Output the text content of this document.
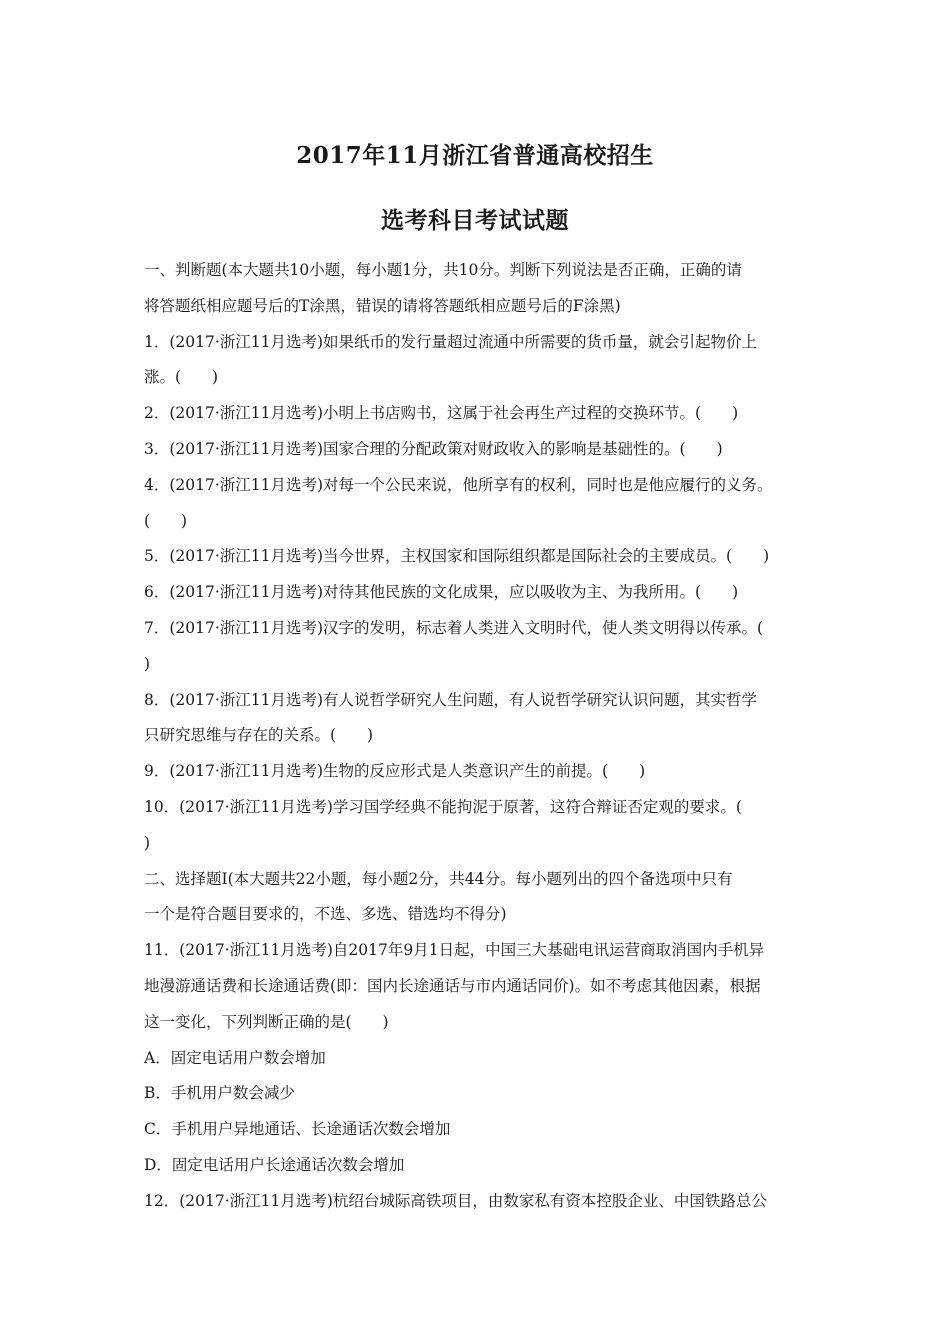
2017年11月浙江省普通高校招生
选考科目考试试题
一、判断题(本大题共10小题，每小题1分，共10分。判断下列说法是否正确，正确的请
将答题纸相应题号后的T涂黑，错误的请将答题纸相应题号后的F涂黑)
1．(2017·浙江11月选考)如果纸币的发行量超过流通中所需要的货币量，就会引起物价上
涨。(　　)
2．(2017·浙江11月选考)小明上书店购书，这属于社会再生产过程的交换环节。(　　)
3．(2017·浙江11月选考)国家合理的分配政策对财政收入的影响是基础性的。(　　)
4．(2017·浙江11月选考)对每一个公民来说，他所享有的权利，同时也是他应履行的义务。
(　　)
5．(2017·浙江11月选考)当今世界，主权国家和国际组织都是国际社会的主要成员。(　　)
6．(2017·浙江11月选考)对待其他民族的文化成果，应以吸收为主、为我所用。(　　)
7．(2017·浙江11月选考)汉字的发明，标志着人类进入文明时代，使人类文明得以传承。(
)
8．(2017·浙江11月选考)有人说哲学研究人生问题，有人说哲学研究认识问题，其实哲学
只研究思维与存在的关系。(　　)
9．(2017·浙江11月选考)生物的反应形式是人类意识产生的前提。(　　)
10．(2017·浙江11月选考)学习国学经典不能拘泥于原著，这符合辩证否定观的要求。(
)
二、选择题Ⅰ(本大题共22小题，每小题2分，共44分。每小题列出的四个备选项中只有
一个是符合题目要求的，不选、多选、错选均不得分)
11．(2017·浙江11月选考)自2017年9月1日起，中国三大基础电讯运营商取消国内手机异
地漫游通话费和长途通话费(即：国内长途通话与市内通话同价)。如不考虑其他因素，根据
这一变化，下列判断正确的是(　　)
A．固定电话用户数会增加
B．手机用户数会减少
C．手机用户异地通话、长途通话次数会增加
D．固定电话用户长途通话次数会增加
12．(2017·浙江11月选考)杭绍台城际高铁项目，由数家私有资本控股企业、中国铁路总公
